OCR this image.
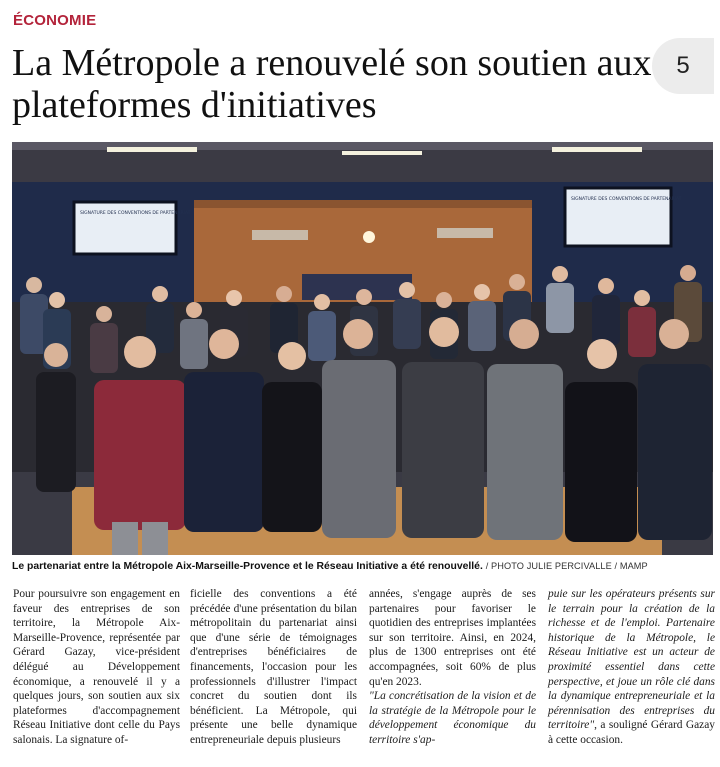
ÉCONOMIE
La Métropole a renouvelé son soutien aux plateformes d'initiatives
5
SIGNATURE DES CONVENTIONS DE PARTENARIAT
SIGNATURE DES CONVENTIONS DE PARTENARIAT
Le partenariat entre la Métropole Aix-Marseille-Provence et le Réseau Initiative a été renouvellé. / PHOTO JULIE PERCIVALLE / MAMP

Pour poursuivre son engagement en faveur des entreprises de son territoire, la Métropole Aix-Marseille-Provence, représentée par Gérard Gazay, vice-président délégué au Développement économique, a renouvelé il y a quelques jours, son soutien aux six plateformes d'accompagnement Réseau Initiative dont celle du Pays salonais. La signature of-

ficielle des conventions a été précédée d'une présentation du bilan métropolitain du partenariat ainsi que d'une série de témoignages d'entreprises bénéficiaires de financements, l'occasion pour les professionnels d'illustrer l'impact concret du soutien dont ils bénéficient. La Métropole, qui présente une belle dynamique entrepreneuriale depuis plusieurs

années, s'engage auprès de ses partenaires pour favoriser le quotidien des entreprises implantées sur son territoire. Ainsi, en 2024, plus de 1300 entreprises ont été accompagnées, soit 60% de plus qu'en 2023.

"La concrétisation de la vision et de la stratégie de la Métropole pour le développement économique du territoire s'ap-

puie sur les opérateurs présents sur le terrain pour la création de la richesse et de l'emploi. Partenaire historique de la Métropole, le Réseau Initiative est un acteur de proximité essentiel dans cette perspective, et joue un rôle clé dans la dynamique entrepreneuriale et la pérennisation des entreprises du territoire", a souligné Gérard Gazay à cette occasion.
